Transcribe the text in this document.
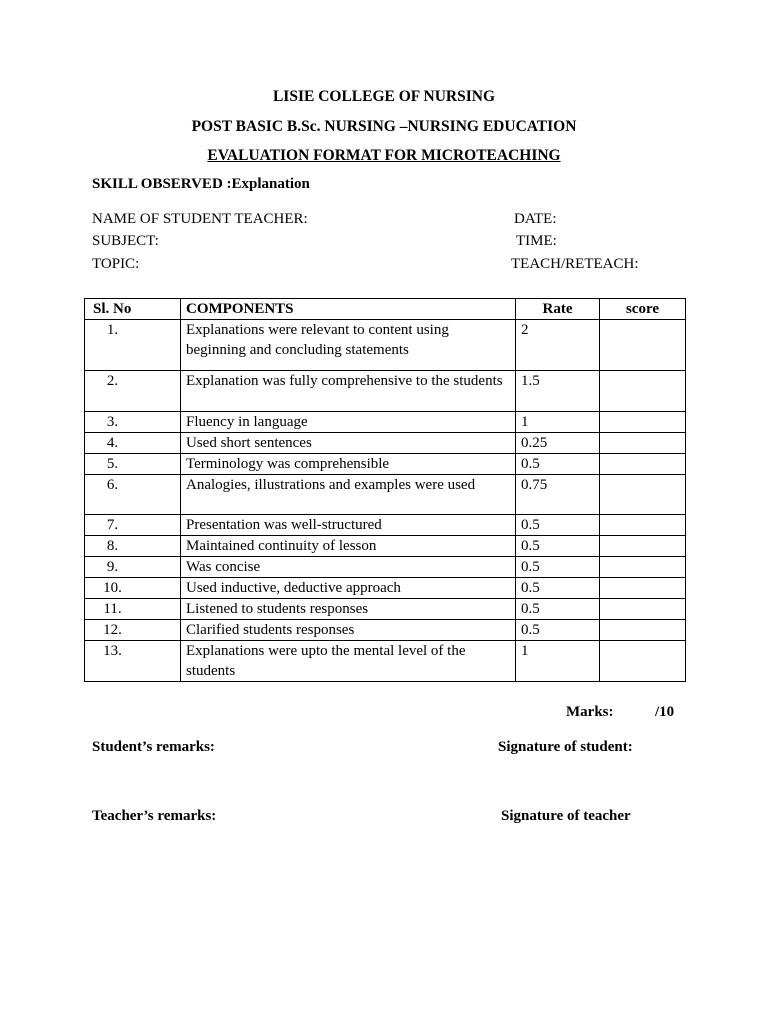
LISIE COLLEGE OF NURSING
POST BASIC B.Sc. NURSING –NURSING EDUCATION
EVALUATION FORMAT FOR MICROTEACHING
SKILL OBSERVED :Explanation
NAME OF STUDENT TEACHER:
SUBJECT:
TOPIC:
DATE:
TIME:
TEACH/RETEACH:
Sl. No	COMPONENTS	Rate	score
1.	Explanations were relevant to content using beginning and concluding statements	2	
2.	Explanation was fully comprehensive to the students	1.5	
3.	Fluency in language	1	
4.	Used short sentences	0.25	
5.	Terminology was comprehensible	0.5	
6.	Analogies, illustrations and examples were used	0.75	
7.	Presentation was well-structured	0.5	
8.	Maintained continuity of lesson	0.5	
9.	Was concise	0.5	
10.	Used inductive, deductive approach	0.5	
11.	Listened to students responses	0.5	
12.	Clarified students responses	0.5	
13.	Explanations were upto the mental level of the students	1	
Marks:	/10
Student’s remarks:	Signature of student:
Teacher’s remarks:	Signature of teacher
